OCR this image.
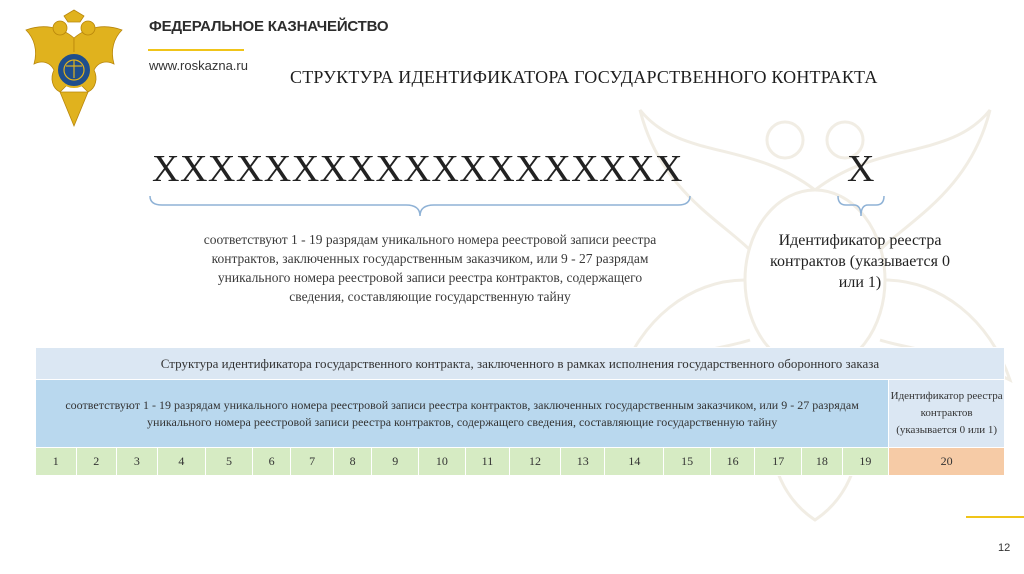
ФЕДЕРАЛЬНОЕ КАЗНАЧЕЙСТВО
www.roskazna.ru
СТРУКТУРА ИДЕНТИФИКАТОРА ГОСУДАРСТВЕННОГО КОНТРАКТА
XXXXXXXXXXXXXXXXXXX	X
соответствуют 1 - 19 разрядам уникального номера реестровой записи реестра контрактов, заключенных государственным заказчиком, или 9 - 27 разрядам уникального номера реестровой записи реестра контрактов, содержащего сведения, составляющие государственную тайну
Идентификатор реестра контрактов (указывается 0 или 1)
Структура идентификатора государственного контракта, заключенного в рамках исполнения государственного оборонного заказа																			
соответствуют 1 - 19 разрядам уникального номера реестровой записи реестра контрактов, заключенных государственным заказчиком, или 9 - 27 разрядам уникального номера реестровой записи реестра контрактов, содержащего сведения, составляющие государственную тайну																			Идентификатор реестра контрактов (указывается 0 или 1)
1	2	3	4	5	6	7	8	9	10	11	12	13	14	15	16	17	18	19	20
12
